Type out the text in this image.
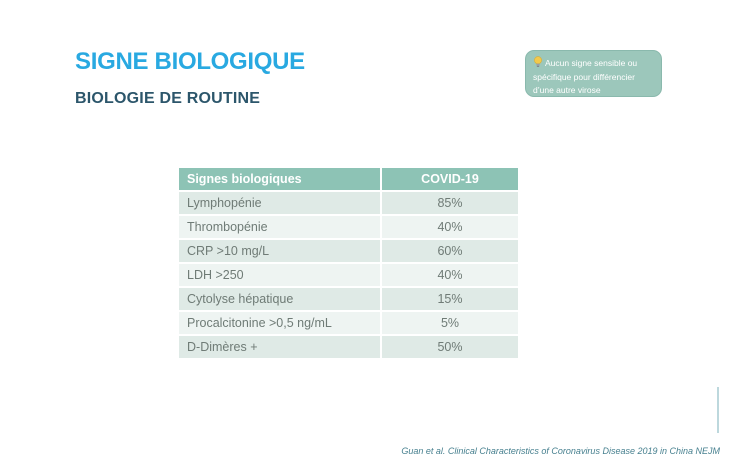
SIGNE BIOLOGIQUE
BIOLOGIE DE ROUTINE
Aucun signe sensible ou spécifique pour différencier d’une autre virose
Signes biologiques	COVID-19
Lymphopénie	85%
Thrombopénie	40%
CRP >10 mg/L	60%
LDH >250	40%
Cytolyse hépatique	15%
Procalcitonine >0,5 ng/mL	5%
D-Dimères +	50%
Guan et al. Clinical Characteristics of Coronavirus Disease 2019 in China NEJM
